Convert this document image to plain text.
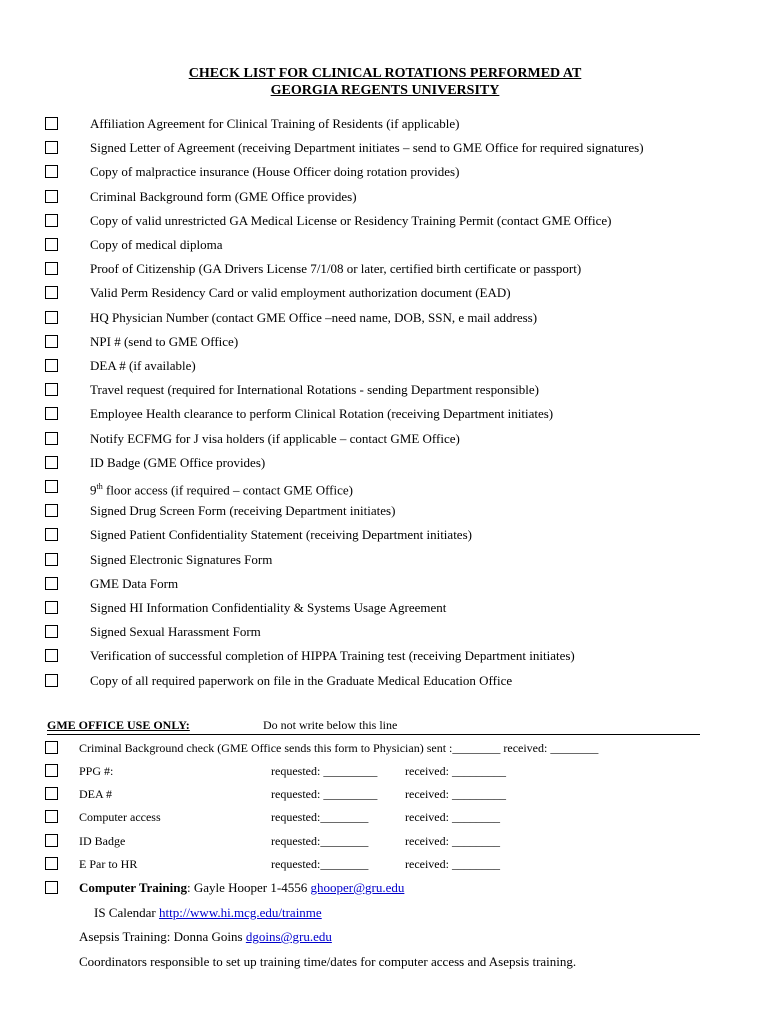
CHECK LIST FOR CLINICAL ROTATIONS PERFORMED AT
GEORGIA REGENTS UNIVERSITY
Affiliation Agreement for Clinical Training of Residents (if applicable)
Signed Letter of Agreement (receiving Department initiates – send to GME Office for required signatures)
Copy of malpractice insurance (House Officer doing rotation provides)
Criminal Background form (GME Office provides)
Copy of valid unrestricted GA Medical License or Residency Training Permit (contact GME Office)
Copy of medical diploma
Proof of Citizenship (GA Drivers License 7/1/08 or later, certified birth certificate or passport)
Valid Perm Residency Card or valid employment authorization document (EAD)
HQ Physician Number (contact GME Office –need name, DOB, SSN, e mail address)
NPI # (send to GME Office)
DEA # (if available)
Travel request (required for International Rotations - sending Department responsible)
Employee Health clearance to perform Clinical Rotation (receiving Department initiates)
Notify ECFMG for J visa holders (if applicable – contact GME Office)
ID Badge (GME Office provides)
9th floor access (if required – contact GME Office)
Signed Drug Screen Form (receiving Department initiates)
Signed Patient Confidentiality Statement (receiving Department initiates)
Signed Electronic Signatures Form
GME Data Form
Signed HI Information Confidentiality & Systems Usage Agreement
Signed Sexual Harassment Form
Verification of successful completion of HIPPA Training test (receiving Department initiates)
Copy of all required paperwork on file in the Graduate Medical Education Office
GME OFFICE USE ONLY:	Do not write below this line
Criminal Background check (GME Office sends this form to Physician) sent :________ received: ________
PPG #:	requested: _________ received: _________
DEA #	requested: _________ received: _________
Computer access	requested:________	received: ________
ID Badge	requested:________	received: ________
E Par to HR	requested:________	received: ________
Computer Training: Gayle Hooper 1-4556 ghooper@gru.edu
IS Calendar http://www.hi.mcg.edu/trainme
Asepsis Training: Donna Goins dgoins@gru.edu
Coordinators responsible to set up training time/dates for computer access and Asepsis training.
